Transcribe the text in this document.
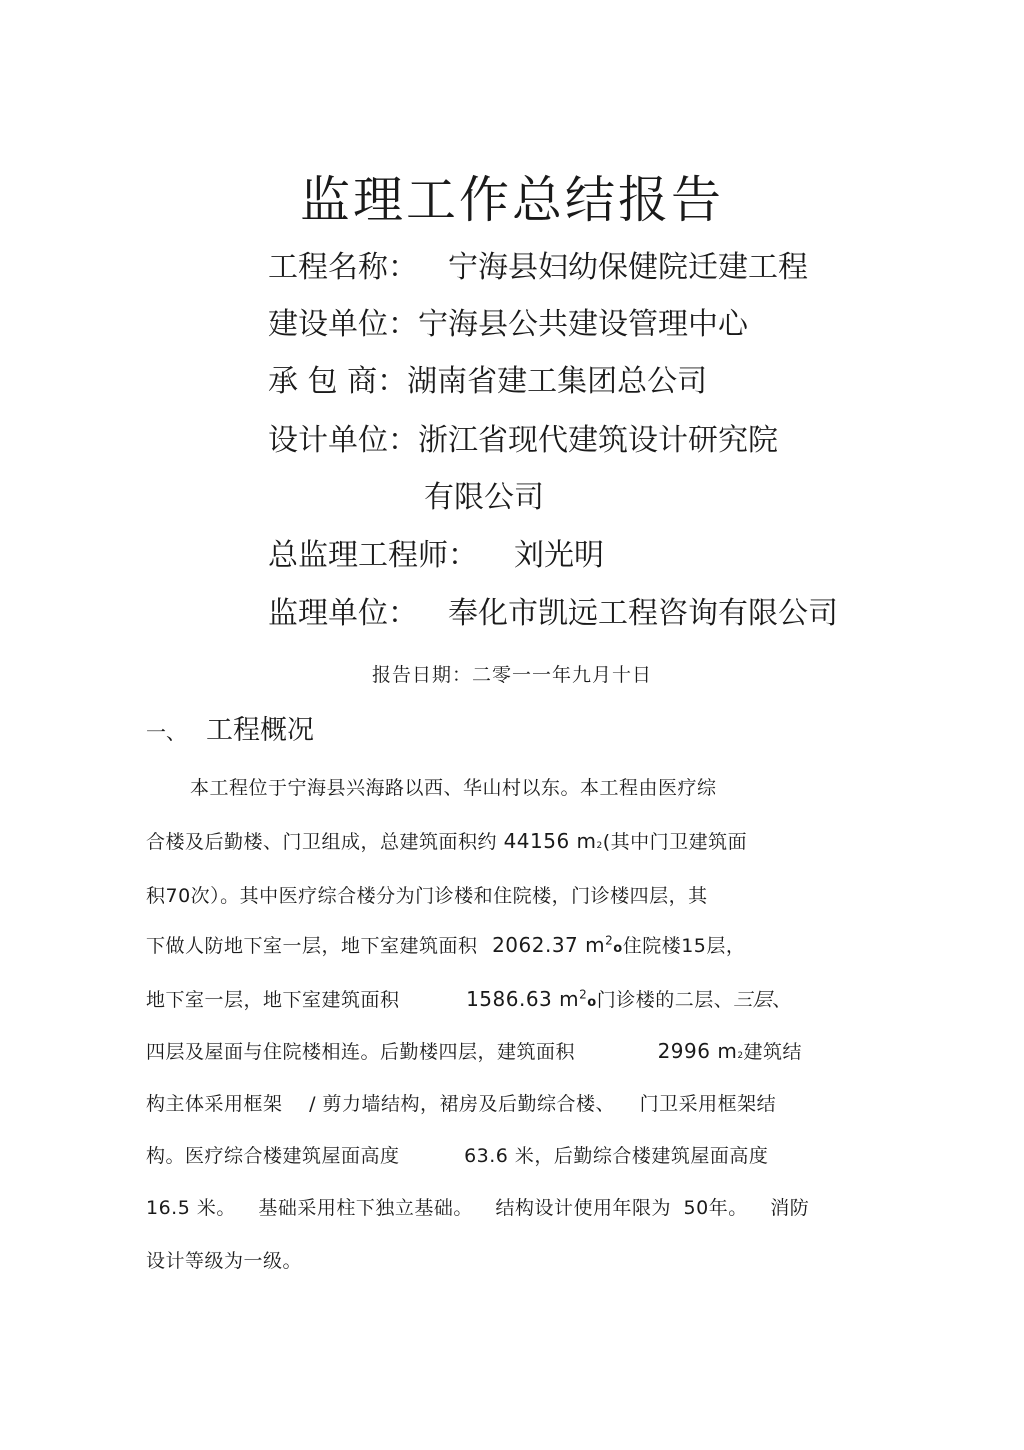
监理工作总结报告
工程名称： 宁海县妇幼保健院迁建工程
建设单位：宁海县公共建设管理中心
承 包 商：湖南省建工集团总公司
设计单位：浙江省现代建筑设计研究院
有限公司
总监理工程师： 刘光明
监理单位： 奉化市凯远工程咨询有限公司
报告日期：二零一一年九月十日
一、 工程概况
本工程位于宁海县兴海路以西、华山村以东。本工程由医疗综
合楼及后勤楼、门卫组成，总建筑面积约 44156 m2(其中门卫建筑面
积70次）。其中医疗综合楼分为门诊楼和住院楼，门诊楼四层，其
下做人防地下室一层，地下室建筑面积 2062.37 $m^2o$住院楼15层，
地下室一层，地下室建筑面积	1586.63 $m^2o$门诊楼的二层、三层、
四层及屋面与住院楼相连。后勤楼四层，建筑面积	2996 m2建筑结
构主体采用框架 / 剪力墙结构，裙房及后勤综合楼、 门卫采用框架结
构。医疗综合楼建筑屋面高度	63.6 米，后勤综合楼建筑屋面高度
16.5 米。 基础采用柱下独立基础。 结构设计使用年限为 50年。 消防
设计等级为一级。
